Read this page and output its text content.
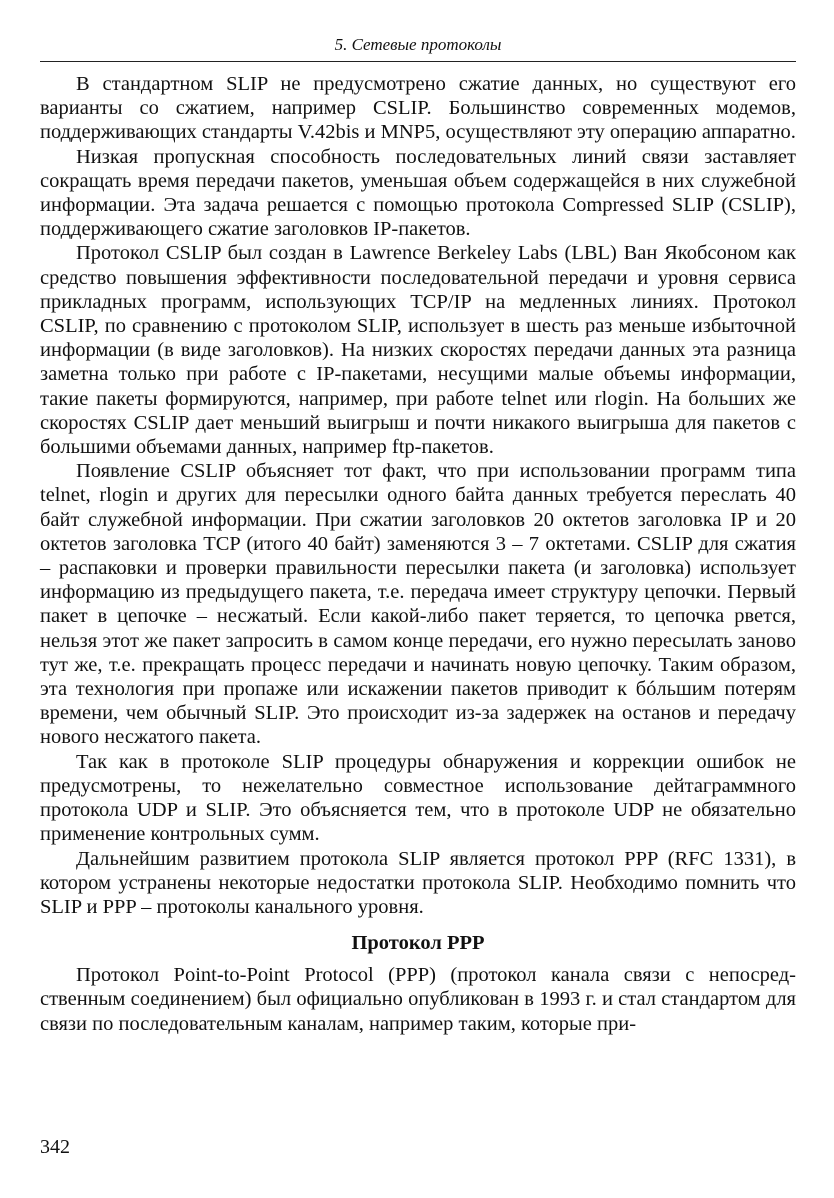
5. Сетевые протоколы

В стандартном SLIP не предусмотрено сжатие данных, но существуют его варианты со сжатием, например CSLIP. Большинство современных модемов, поддерживающих стандарты V.42bis и MNP5, осуществляют эту операцию аппаратно.

Низкая пропускная способность последовательных линий связи заставляет сокращать время передачи пакетов, уменьшая объем содержащейся в них служебной информации. Эта задача решается с помощью протокола Compressed SLIP (CSLIP), поддерживающего сжатие заголовков IP-пакетов.

Протокол CSLIP был создан в Lawrence Berkeley Labs (LBL) Ван Якобсоном как средство повышения эффективности последовательной передачи и уровня сервиса прикладных программ, использующих TCP/IP на медленных линиях. Протокол CSLIP, по сравнению с протоколом SLIP, использует в шесть раз меньше избыточной информации (в виде заголовков). На низких скоростях передачи данных эта разница заметна только при работе с IP-пакетами, несущими малые объемы информации, такие пакеты формируются, например, при работе telnet или rlogin. На больших же скоростях CSLIP дает меньший выигрыш и почти никакого выигрыша для пакетов с большими объемами данных, например ftp-пакетов.

Появление CSLIP объясняет тот факт, что при использовании программ типа telnet, rlogin и других для пересылки одного байта данных требуется переслать 40 байт служебной информации. При сжатии заголовков 20 октетов заголовка IP и 20 октетов заголовка TCP (итого 40 байт) заменяются 3 – 7 октетами. CSLIP для сжатия – распаковки и проверки правильности пересылки пакета (и заголовка) использует информацию из предыдущего пакета, т.е. передача имеет структуру цепочки. Первый пакет в цепочке – несжатый. Если какой-либо пакет теряется, то цепочка рвется, нельзя этот же пакет запросить в самом конце передачи, его нужно пересылать заново тут же, т.е. прекращать процесс передачи и начинать новую цепочку. Таким образом, эта технология при пропаже или искажении пакетов приводит к бóльшим потерям времени, чем обычный SLIP. Это происходит из-за задержек на останов и передачу нового несжатого пакета.

Так как в протоколе SLIP процедуры обнаружения и коррекции ошибок не предусмотрены, то нежелательно совместное использование дейтаграммного протокола UDP и SLIP. Это объясняется тем, что в протоколе UDP не обязательно применение контрольных сумм.

Дальнейшим развитием протокола SLIP является протокол PPP (RFC 1331), в котором устранены некоторые недостатки протокола SLIP. Необходимо помнить что SLIP и PPP – протоколы канального уровня.

Протокол PPP

Протокол Point-to-Point Protocol (PPP) (протокол канала связи с непосредственным соединением) был официально опубликован в 1993 г. и стал стандартом для связи по последовательным каналам, например таким, которые при-

342
